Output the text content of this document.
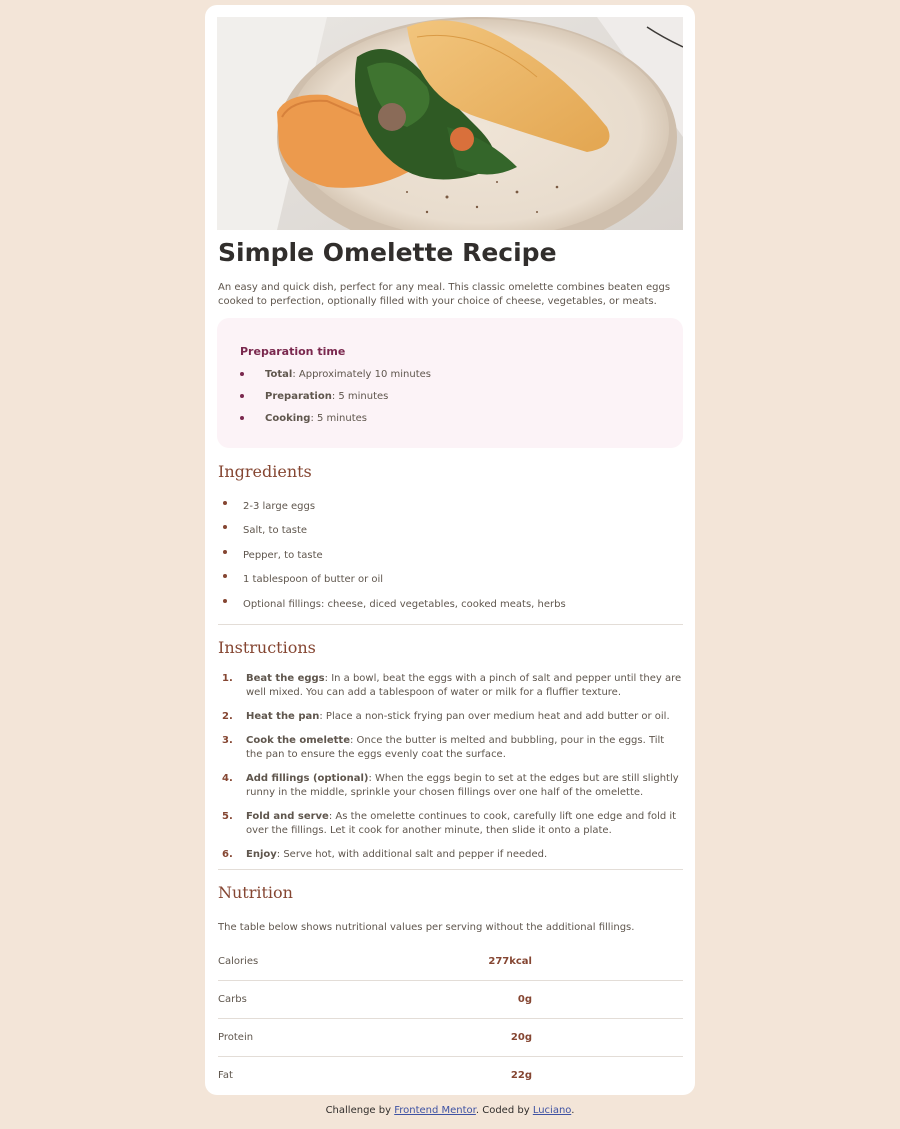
Simple Omelette Recipe

An easy and quick dish, perfect for any meal. This classic omelette combines beaten eggs cooked to perfection, optionally filled with your choice of cheese, vegetables, or meats.

Preparation time
Total: Approximately 10 minutes
Preparation: 5 minutes
Cooking: 5 minutes
Ingredients
2-3 large eggs
Salt, to taste
Pepper, to taste
1 tablespoon of butter or oil
Optional fillings: cheese, diced vegetables, cooked meats, herbs
Instructions
1. Beat the eggs: In a bowl, beat the eggs with a pinch of salt and pepper until they are well mixed. You can add a tablespoon of water or milk for a fluffier texture.
2. Heat the pan: Place a non-stick frying pan over medium heat and add butter or oil.
3. Cook the omelette: Once the butter is melted and bubbling, pour in the eggs. Tilt the pan to ensure the eggs evenly coat the surface.
4. Add fillings (optional): When the eggs begin to set at the edges but are still slightly runny in the middle, sprinkle your chosen fillings over one half of the omelette.
5. Fold and serve: As the omelette continues to cook, carefully lift one edge and fold it over the fillings. Let it cook for another minute, then slide it onto a plate.
6. Enjoy: Serve hot, with additional salt and pepper if needed.
Nutrition

The table below shows nutritional values per serving without the additional fillings.

Calories	277kcal
Carbs	0g
Protein	20g
Fat	22g
Challenge by Frontend Mentor. Coded by Luciano.
